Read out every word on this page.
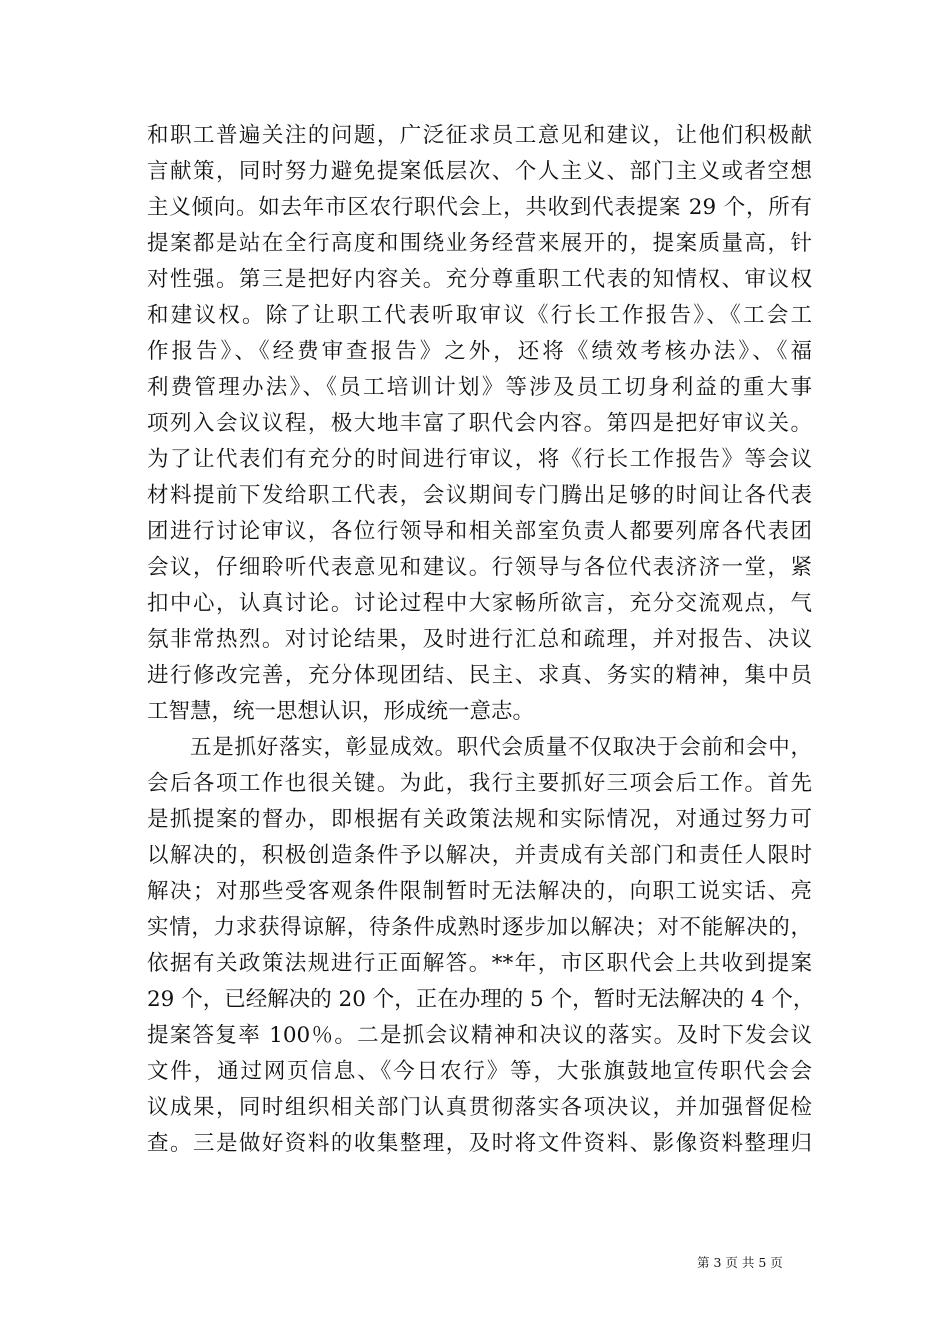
和职工普遍关注的问题，广泛征求员工意见和建议，让他们积极献
言献策，同时努力避免提案低层次、个人主义、部门主义或者空想
主义倾向。如去年市区农行职代会上，共收到代表提案 29 个，所有
提案都是站在全行高度和围绕业务经营来展开的，提案质量高，针
对性强。第三是把好内容关。充分尊重职工代表的知情权、审议权
和建议权。除了让职工代表听取审议《行长工作报告》、《工会工
作报告》、《经费审查报告》之外，还将《绩效考核办法》、《福
利费管理办法》、《员工培训计划》等涉及员工切身利益的重大事
项列入会议议程，极大地丰富了职代会内容。第四是把好审议关。
为了让代表们有充分的时间进行审议，将《行长工作报告》等会议
材料提前下发给职工代表，会议期间专门腾出足够的时间让各代表
团进行讨论审议，各位行领导和相关部室负责人都要列席各代表团
会议，仔细聆听代表意见和建议。行领导与各位代表济济一堂，紧
扣中心，认真讨论。讨论过程中大家畅所欲言，充分交流观点，气
氛非常热烈。对讨论结果，及时进行汇总和疏理，并对报告、决议
进行修改完善，充分体现团结、民主、求真、务实的精神，集中员
工智慧，统一思想认识，形成统一意志。
五是抓好落实，彰显成效。职代会质量不仅取决于会前和会中，
会后各项工作也很关键。为此，我行主要抓好三项会后工作。首先
是抓提案的督办，即根据有关政策法规和实际情况，对通过努力可
以解决的，积极创造条件予以解决，并责成有关部门和责任人限时
解决；对那些受客观条件限制暂时无法解决的，向职工说实话、亮
实情，力求获得谅解，待条件成熟时逐步加以解决；对不能解决的，
依据有关政策法规进行正面解答。**年，市区职代会上共收到提案
29 个，已经解决的 20 个，正在办理的 5 个，暂时无法解决的 4 个，
提案答复率 100％。二是抓会议精神和决议的落实。及时下发会议
文件，通过网页信息、《今日农行》等，大张旗鼓地宣传职代会会
议成果，同时组织相关部门认真贯彻落实各项决议，并加强督促检
查。三是做好资料的收集整理，及时将文件资料、影像资料整理归
第 3 页 共 5 页
